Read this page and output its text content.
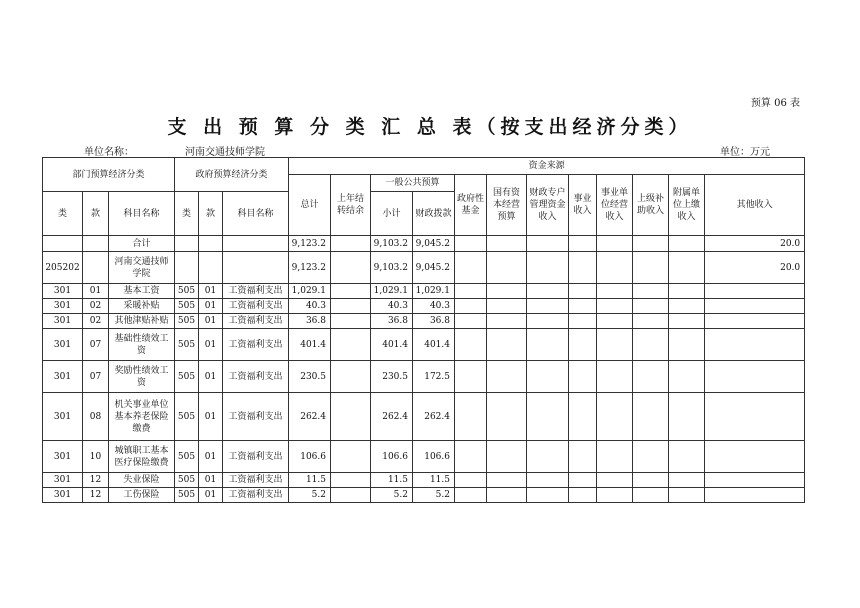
预算 06 表
支 出 预 算 分 类 汇 总 表（按支出经济分类）
单位名称：	河南交通技师学院	单位：万元
部门预算经济分类			政府预算经济分类			资金来源											
						总计	上年结转结余	一般公共预算		政府性基金	国有资本经营预算	财政专户管理资金收入	事业收入	事业单位经营收入	上级补助收入	附属单位上缴收入	其他收入
类	款	科目名称	类	款	科目名称			小计	财政拨款								
		合计				9,123.2		9,103.2	9,045.2								20.0
205202		河南交通技师学院				9,123.2		9,103.2	9,045.2								20.0
301	01	基本工资	505	01	工资福利支出	1,029.1		1,029.1	1,029.1								
301	02	采暖补贴	505	01	工资福利支出	40.3		40.3	40.3								
301	02	其他津贴补贴	505	01	工资福利支出	36.8		36.8	36.8								
301	07	基础性绩效工资	505	01	工资福利支出	401.4		401.4	401.4								
301	07	奖励性绩效工资	505	01	工资福利支出	230.5		230.5	172.5								
301	08	机关事业单位基本养老保险缴费	505	01	工资福利支出	262.4		262.4	262.4								
301	10	城镇职工基本医疗保险缴费	505	01	工资福利支出	106.6		106.6	106.6								
301	12	失业保险	505	01	工资福利支出	11.5		11.5	11.5								
301	12	工伤保险	505	01	工资福利支出	5.2		5.2	5.2								
